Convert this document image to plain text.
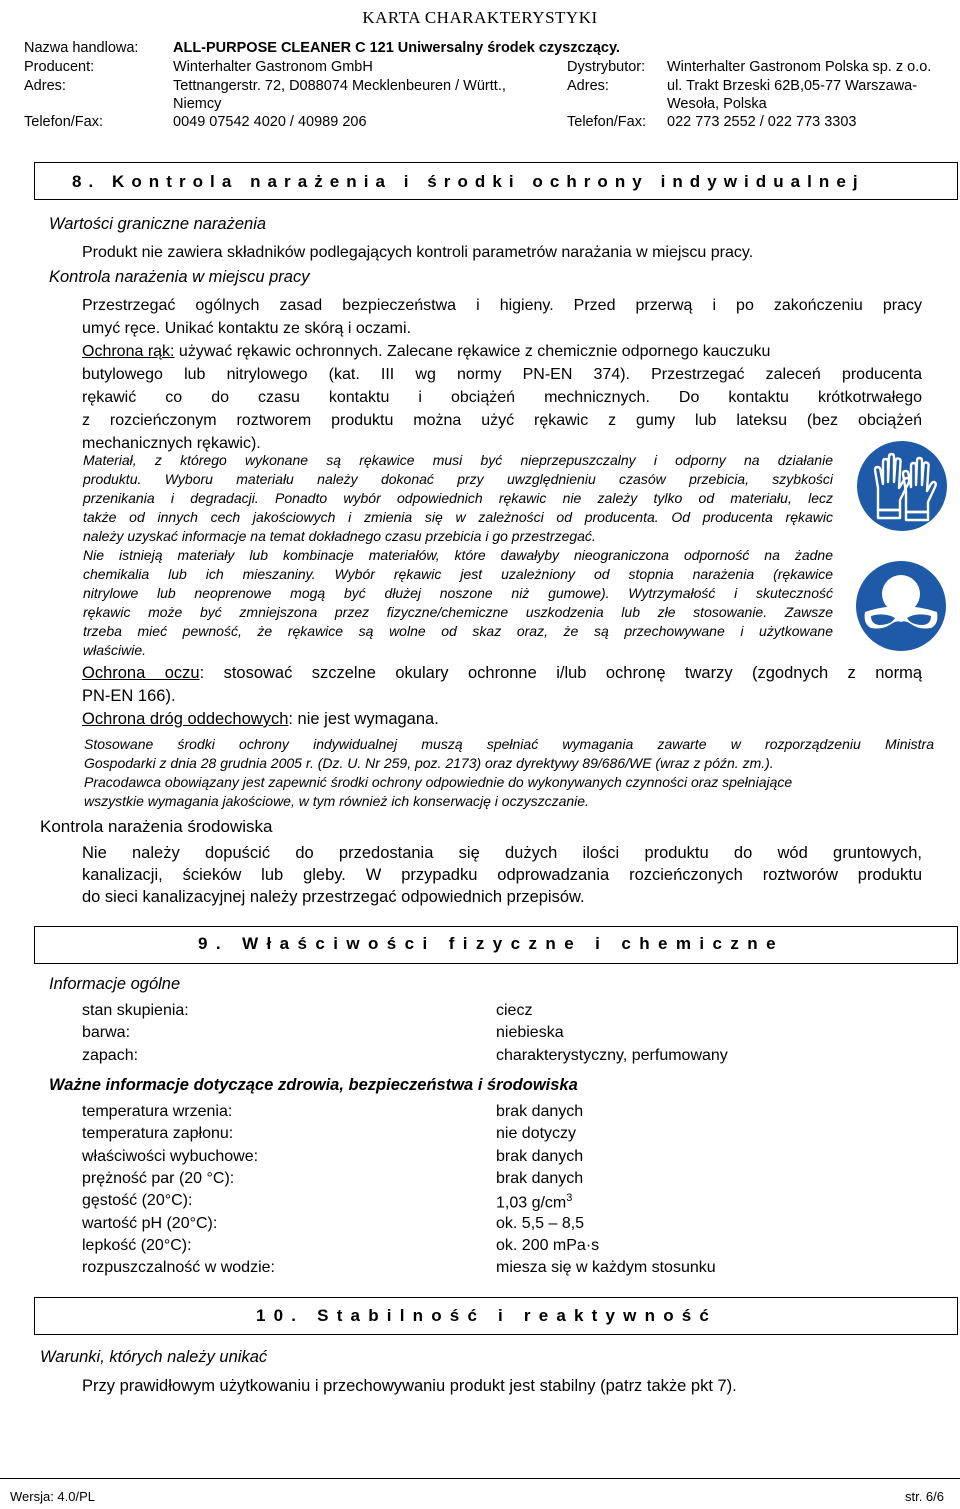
KARTA CHARAKTERYSTYKI
Nazwa handlowa: ALL-PURPOSE CLEANER C 121 Uniwersalny środek czyszczący.
Producent:	Winterhalter Gastronom GmbH	Dystrybutor: Winterhalter Gastronom Polska sp. z o.o.
Adres:	Tettnangerstr. 72, D088074 Mecklenbeuren / Württ.,	Adres:	ul. Trakt Brzeski 62B,05-77 Warszawa-
Niemcy	Wesoła, Polska
Telefon/Fax:	0049 07542 4020 / 40989 206	Telefon/Fax: 022 773 2552 / 022 773 3303
8. Kontrola narażenia i środki ochrony indywidualnej
Wartości graniczne narażenia
Produkt nie zawiera składników podlegających kontroli parametrów narażania w miejscu pracy.
Kontrola narażenia w miejscu pracy
Przestrzegać ogólnych zasad bezpieczeństwa i higieny. Przed przerwą i po zakończeniu pracy
umyć ręce. Unikać kontaktu ze skórą i oczami.
Ochrona rąk: używać rękawic ochronnych. Zalecane rękawice z chemicznie odpornego kauczuku
butylowego lub nitrylowego (kat. III wg normy PN-EN 374). Przestrzegać zaleceń producenta
rękawić co do czasu kontaktu i obciążeń mechnicznych. Do kontaktu krótkotrwałego
z rozcieńczonym roztworem produktu można użyć rękawic z gumy lub lateksu (bez obciążeń
mechanicznych rękawic).
Materiał, z którego wykonane są rękawice musi być nieprzepuszczalny i odporny na działanie
produktu. Wyboru materiału należy dokonać przy uwzględnieniu czasów przebicia, szybkości
przenikania i degradacji. Ponadto wybór odpowiednich rękawic nie zależy tylko od materiału, lecz
także od innych cech jakościowych i zmienia się w zależności od producenta. Od producenta rękawic
należy uzyskać informacje na temat dokładnego czasu przebicia i go przestrzegać.
Nie istnieją materiały lub kombinacje materiałów, które dawałyby nieograniczona odporność na żadne
chemikalia lub ich mieszaniny. Wybór rękawic jest uzależniony od stopnia narażenia (rękawice
nitrylowe lub neoprenowe mogą być dłużej noszone niż gumowe). Wytrzymałość i skuteczność
rękawic może być zmniejszona przez fizyczne/chemiczne uszkodzenia lub złe stosowanie. Zawsze
trzeba mieć pewność, że rękawice są wolne od skaz oraz, że są przechowywane i użytkowane
właściwie.
Ochrona oczu: stosować szczelne okulary ochronne i/lub ochronę twarzy (zgodnych z normą
PN-EN 166).
Ochrona dróg oddechowych: nie jest wymagana.
Stosowane środki ochrony indywidualnej muszą spełniać wymagania zawarte w rozporządzeniu Ministra
Gospodarki z dnia 28 grudnia 2005 r. (Dz. U. Nr 259, poz. 2173) oraz dyrektywy 89/686/WE (wraz z późn. zm.).
Pracodawca obowiązany jest zapewnić środki ochrony odpowiednie do wykonywanych czynności oraz spełniające
wszystkie wymagania jakościowe, w tym również ich konserwację i oczyszczanie.
Kontrola narażenia środowiska
Nie należy dopuścić do przedostania się dużych ilości produktu do wód gruntowych,
kanalizacji, ścieków lub gleby. W przypadku odprowadzania rozcieńczonych roztworów produktu
do sieci kanalizacyjnej należy przestrzegać odpowiednich przepisów.
9. Właściwości fizyczne i chemiczne
Informacje ogólne
stan skupienia:	ciecz
barwa:	niebieska
zapach:	charakterystyczny, perfumowany
Ważne informacje dotyczące zdrowia, bezpieczeństwa i środowiska
temperatura wrzenia:	brak danych
temperatura zapłonu:	nie dotyczy
właściwości wybuchowe:	brak danych
prężność par (20 °C):	brak danych
gęstość (20°C):	1,03 $g/cm^3$
wartość pH (20°C):	ok. 5,5 – 8,5
lepkość (20°C):	ok. 200 mPa·s
rozpuszczalność w wodzie:	miesza się w każdym stosunku
10. Stabilność i reaktywność
Warunki, których należy unikać
Przy prawidłowym użytkowaniu i przechowywaniu produkt jest stabilny (patrz także pkt 7).
Wersja: 4.0/PL	str. 6/6
